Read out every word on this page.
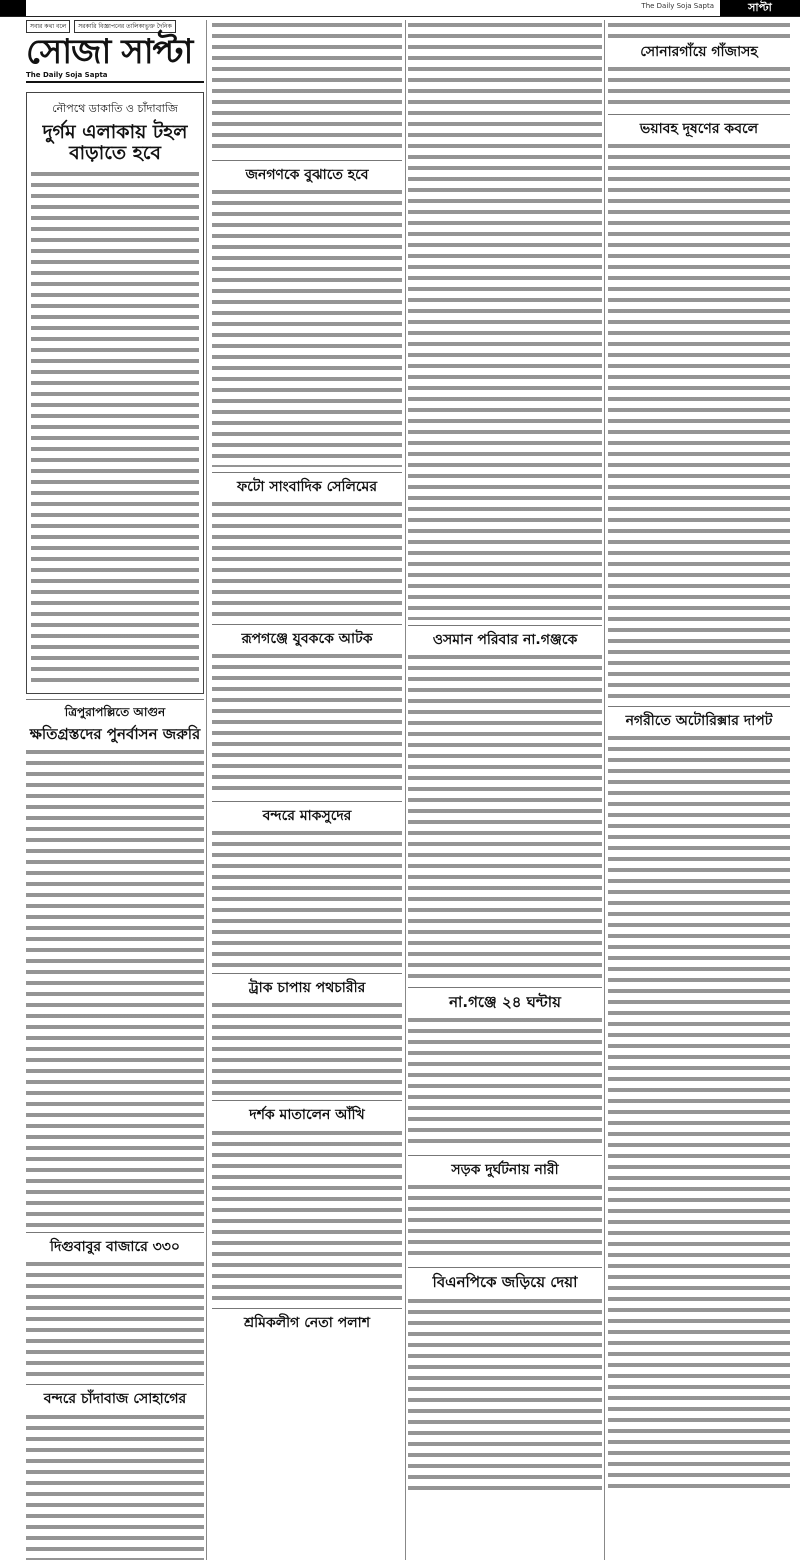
The Daily Soja Sapta	সাপ্টা
সবার কথা বলে	সরকারি বিজ্ঞাপনের তালিকাভুক্ত দৈনিক
সোজা সাপ্টা
The Daily Soja Sapta
নৌপথে ডাকাতি ও চাঁদাবাজি
দুর্গম এলাকায় টহল বাড়াতে হবে
ত্রিপুরাপল্লিতে আগুন
ক্ষতিগ্রস্তদের পুনর্বাসন জরুরি
দিগুবাবুর বাজারে ৩৩০
বন্দরে চাঁদাবাজ সোহাগের
জনগণকে বুঝাতে হবে
ফটো সাংবাদিক সেলিমের
রূপগঞ্জে যুবককে আটক
বন্দরে মাকসুদের
ট্রাক চাপায় পথচারীর
দর্শক মাতালেন আঁখি
শ্রমিকলীগ নেতা পলাশ
ওসমান পরিবার না.গঞ্জকে
না.গঞ্জে ২৪ ঘন্টায়
সড়ক দুর্ঘটনায় নারী
বিএনপিকে জড়িয়ে দেয়া
সোনারগাঁয়ে গাঁজাসহ
ভয়াবহ দূষণের কবলে
নগরীতে অটোরিক্সার দাপট
